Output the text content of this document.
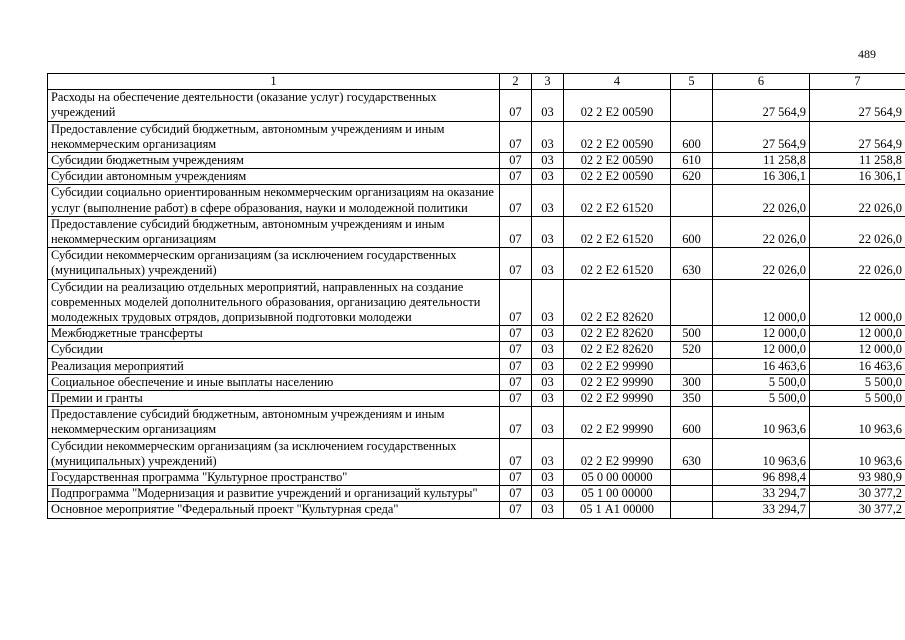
489
1	2	3	4	5	6	7
Расходы на обеспечение деятельности (оказание услуг) государственных учреждений	07	03	02 2 Е2 00590		27 564,9	27 564,9
Предоставление субсидий бюджетным, автономным учреждениям и иным некоммерческим организациям	07	03	02 2 Е2 00590	600	27 564,9	27 564,9
Субсидии бюджетным учреждениям	07	03	02 2 Е2 00590	610	11 258,8	11 258,8
Субсидии автономным учреждениям	07	03	02 2 Е2 00590	620	16 306,1	16 306,1
Субсидии социально ориентированным некоммерческим организациям на оказание услуг (выполнение работ) в сфере образования, науки и молодежной политики	07	03	02 2 Е2 61520		22 026,0	22 026,0
Предоставление субсидий бюджетным, автономным учреждениям и иным некоммерческим организациям	07	03	02 2 Е2 61520	600	22 026,0	22 026,0
Субсидии некоммерческим организациям (за исключением государственных (муниципальных) учреждений)	07	03	02 2 Е2 61520	630	22 026,0	22 026,0
Субсидии на реализацию отдельных мероприятий, направленных на создание современных моделей дополнительного образования, организацию деятельности молодежных трудовых отрядов, допризывной подготовки молодежи	07	03	02 2 Е2 82620		12 000,0	12 000,0
Межбюджетные трансферты	07	03	02 2 Е2 82620	500	12 000,0	12 000,0
Субсидии	07	03	02 2 Е2 82620	520	12 000,0	12 000,0
Реализация мероприятий	07	03	02 2 Е2 99990		16 463,6	16 463,6
Социальное обеспечение и иные выплаты населению	07	03	02 2 Е2 99990	300	5 500,0	5 500,0
Премии и гранты	07	03	02 2 Е2 99990	350	5 500,0	5 500,0
Предоставление субсидий бюджетным, автономным учреждениям и иным некоммерческим организациям	07	03	02 2 Е2 99990	600	10 963,6	10 963,6
Субсидии некоммерческим организациям (за исключением государственных (муниципальных) учреждений)	07	03	02 2 Е2 99990	630	10 963,6	10 963,6
Государственная программа "Культурное пространство"	07	03	05 0 00 00000		96 898,4	93 980,9
Подпрограмма "Модернизация и развитие учреждений и организаций культуры"	07	03	05 1 00 00000		33 294,7	30 377,2
Основное мероприятие "Федеральный проект "Культурная среда"	07	03	05 1 А1 00000		33 294,7	30 377,2
